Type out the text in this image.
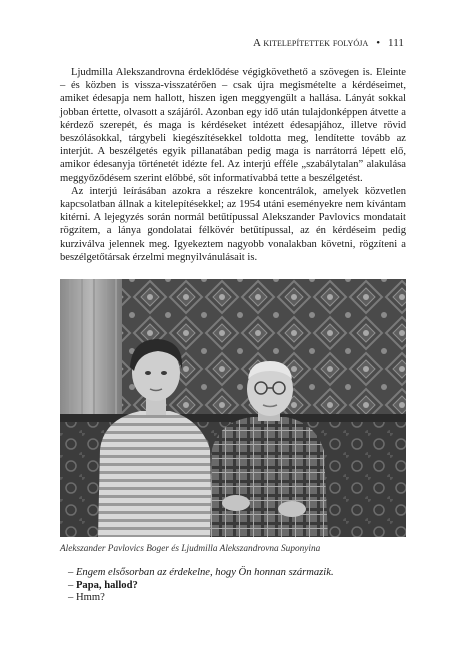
A kitelepítettek folyója • 111

Ljudmilla Alekszandrovna érdeklődése végigkövethető a szövegen is. Eleinte – és közben is vissza-visszatérően – csak újra megismételte a kérdéseimet, amiket édesapja nem hallott, hiszen igen meggyengült a hallása. Lányát sokkal jobban értette, olvasott a szájáról. Azonban egy idő után tulajdonképpen átvette a kérdező szerepét, és maga is kérdéseket intézett édesapjához, illetve rövid beszólásokkal, tárgybeli kiegészítésekkel toldotta meg, lendítette tovább az interjút. A beszélgetés egyik pillanatában pedig maga is narrátorrá lépett elő, amikor édesanyja történetét idézte fel. Az interjú efféle „szabálytalan” alakulása meggyőződésem szerint előbbé, sőt informatívabbá tette a beszélgetést.

Az interjú leírásában azokra a részekre koncentrálok, amelyek közvetlen kapcsolatban állnak a kitelepítésekkel; az 1954 utáni eseményekre nem kívántam kitérni. A lejegyzés során normál betűtípussal Alekszander Pavlovics mondatait rögzítem, a lánya gondolatai félkövér betűtípussal, az én kérdéseim pedig kurziválva jelennek meg. Igyekeztem nagyobb vonalakban követni, rögzíteni a beszélgetőtársak érzelmi megnyilvánulásait is.

Alekszander Pavlovics Boger és Ljudmilla Alekszandrovna Suponyina
– Engem elsősorban az érdekelne, hogy Ön honnan származik.
– Papa, hallod?
– Hmm?
